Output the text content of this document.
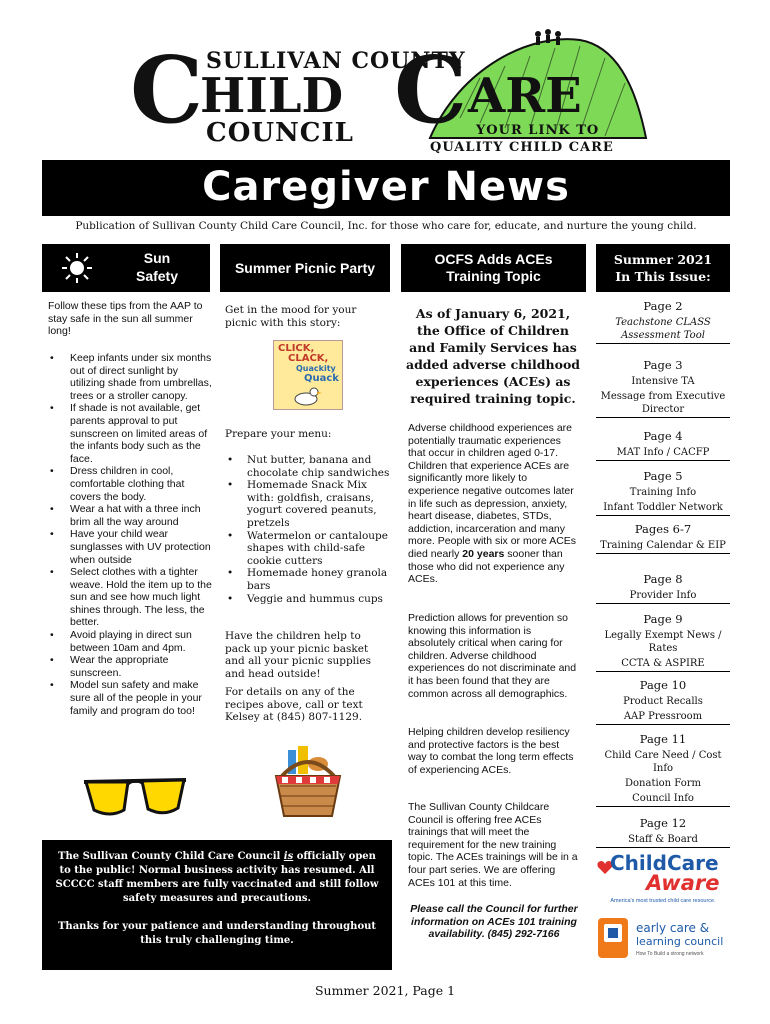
C SULLIVAN COUNTY
HILD
COUNCIL C ARE
YOUR LINK TO
QUALITY CHILD CARE
Caregiver News
Publication of Sullivan County Child Care Council, Inc. for those who care for, educate, and nurture the young child.
Sun
Safety
Follow these tips from the AAP to stay safe in the sun all summer long!
• Keep infants under six months out of direct sunlight by utilizing shade from umbrellas, trees or a stroller canopy.
• If shade is not available, get parents approval to put sunscreen on limited areas of the infants body such as the face.
• Dress children in cool, comfortable clothing that covers the body.
• Wear a hat with a three inch brim all the way around
• Have your child wear sunglasses with UV protection when outside
• Select clothes with a tighter weave. Hold the item up to the sun and see how much light shines through. The less, the better.
• Avoid playing in direct sun between 10am and 4pm.
• Wear the appropriate sunscreen.
• Model sun safety and make sure all of the people in your family and program do too!
Summer Picnic Party
Get in the mood for your picnic with this story:
CLICK,
CLACK,
Quackity
Quack
Prepare your menu:
• Nut butter, banana and chocolate chip sandwiches
• Homemade Snack Mix with: goldfish, craisans, yogurt covered peanuts, pretzels
• Watermelon or cantaloupe shapes with child-safe cookie cutters
• Homemade honey granola bars
• Veggie and hummus cups
Have the children help to pack up your picnic basket and all your picnic supplies and head outside!
For details on any of the recipes above, call or text Kelsey at (845) 807-1129.
The Sullivan County Child Care Council is officially open to the public! Normal business activity has resumed. All SCCCC staff members are fully vaccinated and still follow safety measures and precautions.
Thanks for your patience and understanding throughout this truly challenging time.
OCFS Adds ACEs
Training Topic
As of January 6, 2021, the Office of Children and Family Services has added adverse childhood experiences (ACEs) as required training topic.
Adverse childhood experiences are potentially traumatic experiences that occur in children aged 0-17. Children that experience ACEs are significantly more likely to experience negative outcomes later in life such as depression, anxiety, heart disease, diabetes, STDs, addiction, incarceration and many more. People with six or more ACEs died nearly 20 years sooner than those who did not experience any ACEs.
Prediction allows for prevention so knowing this information is absolutely critical when caring for children. Adverse childhood experiences do not discriminate and it has been found that they are common across all demographics.
Helping children develop resiliency and protective factors is the best way to combat the long term effects of experiencing ACEs.
The Sullivan County Childcare Council is offering free ACEs trainings that will meet the requirement for the new training topic. The ACEs trainings will be in a four part series. We are offering ACEs 101 at this time.
Please call the Council for further information on ACEs 101 training availability. (845) 292-7166
Summer 2021
In This Issue:
Page 2
Teachstone CLASS Assessment Tool
Page 3
Intensive TA
Message from Executive Director
Page 4
MAT Info / CACFP
Page 5
Training Info
Infant Toddler Network
Pages 6-7
Training Calendar & EIP
Page 8
Provider Info
Page 9
Legally Exempt News / Rates
CCTA & ASPIRE
Page 10
Product Recalls
AAP Pressroom
Page 11
Child Care Need / Cost Info
Donation Form
Council Info
Page 12
Staff & Board
ChildCare
Aware
America's most trusted child care resource.
early care &
learning council
How To Build a strong network
Summer 2021, Page 1
